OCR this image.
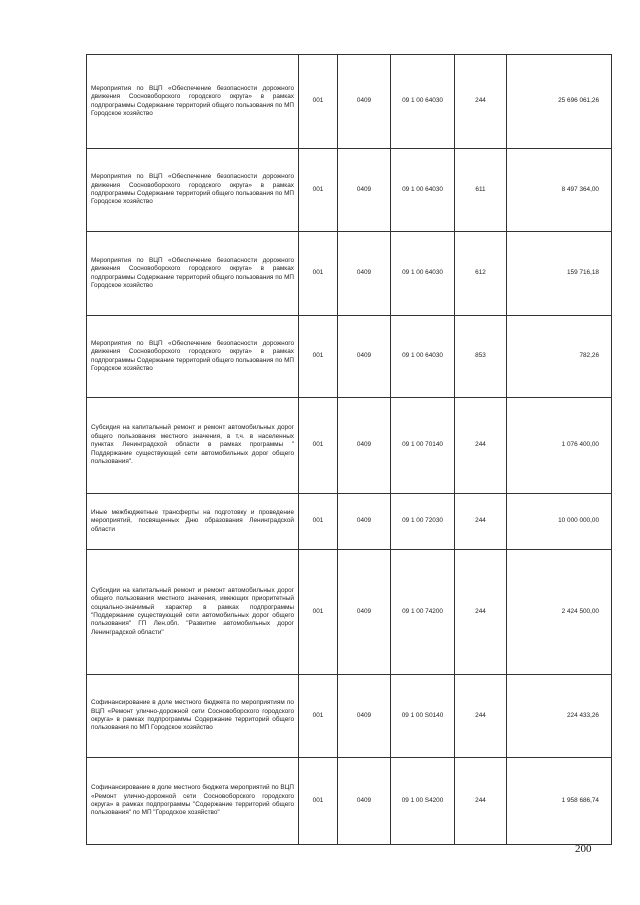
Мероприятия по ВЦП «Обеспечение безопасности дорожного движения Сосновоборского городского округа» в рамках подпрограммы Содержание территорий общего пользования по МП Городское хозяйство	001	0409	09 1 00 64030	244	25 696 061,26
Мероприятия по ВЦП «Обеспечение безопасности дорожного движения Сосновоборского городского округа» в рамках подпрограммы Содержание территорий общего пользования по МП Городское хозяйство	001	0409	09 1 00 64030	611	8 497 364,00
Мероприятия по ВЦП «Обеспечение безопасности дорожного движения Сосновоборского городского округа» в рамках подпрограммы Содержание территорий общего пользования по МП Городское хозяйство	001	0409	09 1 00 64030	612	159 716,18
Мероприятия по ВЦП «Обеспечение безопасности дорожного движения Сосновоборского городского округа» в рамках подпрограммы Содержание территорий общего пользования по МП Городское хозяйство	001	0409	09 1 00 64030	853	782,26
Субсидия на капитальный ремонт и ремонт автомобильных дорог общего пользования местного значения, в т.ч. в населенных пунктах Ленинградской области в рамках программы " Поддержание существующей сети автомобильных дорог общего пользования".	001	0409	09 1 00 70140	244	1 076 400,00
Иные межбюджетные трансферты на подготовку и проведение мероприятий, посвященных Дню образования Ленинградской области	001	0409	09 1 00 72030	244	10 000 000,00
Субсидии на капитальный ремонт и ремонт автомобильных дорог общего пользования местного значения, имеющих приоритетный социально-значимый характер в рамках подпрограммы "Поддержание существующей сети автомобильных дорог общего пользования" ГП Лен.обл. "Развитие автомобильных дорог Ленинградской области"	001	0409	09 1 00 74200	244	2 424 500,00
Софинансирование в доле местного бюджета по мероприятиям по ВЦП «Ремонт улично-дорожной сети Сосновоборского городского округа» в рамках подпрограммы Содержание территорий общего пользования по МП Городское хозяйство	001	0409	09 1 00 S0140	244	224 433,26
Софинансирование в доле местного бюджета мероприятий по ВЦП «Ремонт улично-дорожной сети Сосновоборского городского округа» в рамках подпрограммы "Содержание территорий общего пользования" по МП "Городское хозяйство"	001	0409	09 1 00 S4200	244	1 958 686,74
200
